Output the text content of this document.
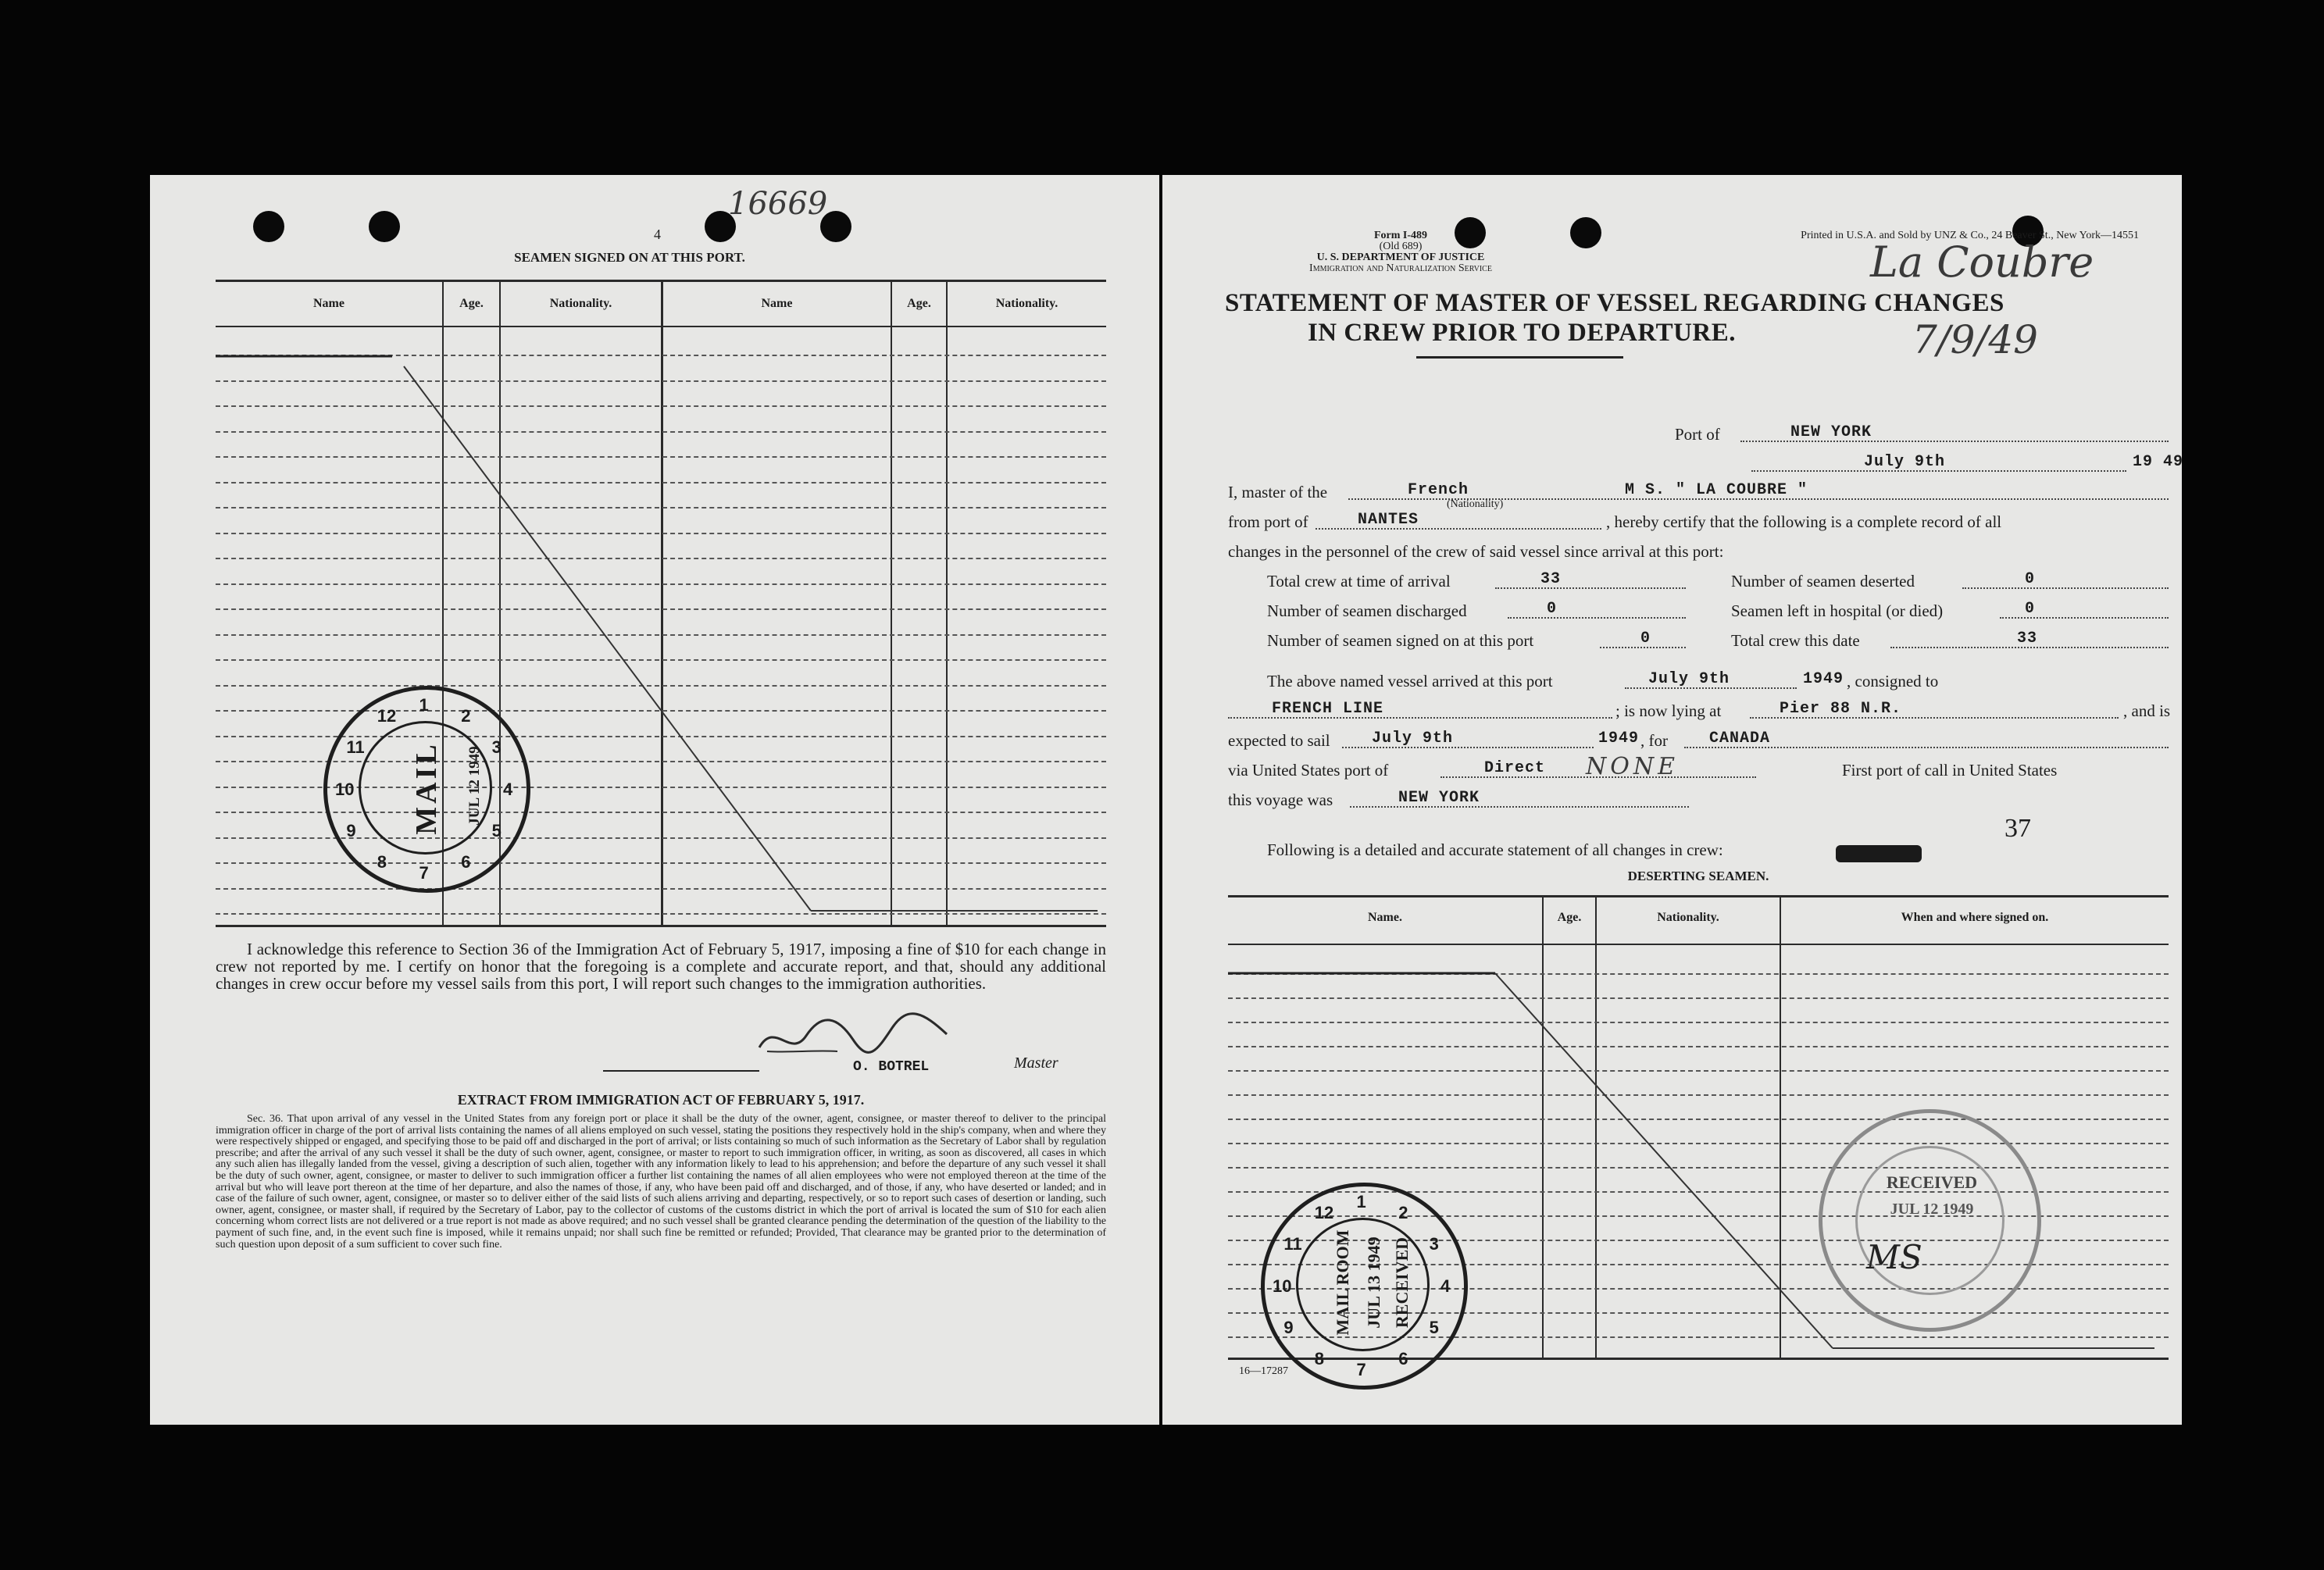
16669
4
SEAMEN SIGNED ON AT THIS PORT.
Name	Age.	Nationality.	Name	Age.	Nationality.
1
2
3
4
5
6
7
8
9
10
11
12
MAIL JUL 12 1949
I acknowledge this reference to Section 36 of the Immigration Act of February 5, 1917, imposing a fine of $10 for each change in crew not reported by me. I certify on honor that the foregoing is a complete and accurate report, and that, should any additional changes in crew occur before my vessel sails from this port, I will report such changes to the immigration authorities.
O. BOTREL	Master
EXTRACT FROM IMMIGRATION ACT OF FEBRUARY 5, 1917.
Sec. 36. That upon arrival of any vessel in the United States from any foreign port or place it shall be the duty of the owner, agent, consignee, or master thereof to deliver to the principal immigration officer in charge of the port of arrival lists containing the names of all aliens employed on such vessel, stating the positions they respectively hold in the ship's company, when and where they were respectively shipped or engaged, and specifying those to be paid off and discharged in the port of arrival; or lists containing so much of such information as the Secretary of Labor shall by regulation prescribe; and after the arrival of any such vessel it shall be the duty of such owner, agent, consignee, or master to report to such immigration officer, in writing, as soon as discovered, all cases in which any such alien has illegally landed from the vessel, giving a description of such alien, together with any information likely to lead to his apprehension; and before the departure of any such vessel it shall be the duty of such owner, agent, consignee, or master to deliver to such immigration officer a further list containing the names of all alien employees who were not employed thereon at the time of the arrival but who will leave port thereon at the time of her departure, and also the names of those, if any, who have been paid off and discharged, and of those, if any, who have deserted or landed; and in case of the failure of such owner, agent, consignee, or master so to deliver either of the said lists of such aliens arriving and departing, respectively, or so to report such cases of desertion or landing, such owner, agent, consignee, or master shall, if required by the Secretary of Labor, pay to the collector of customs of the customs district in which the port of arrival is located the sum of $10 for each alien concerning whom correct lists are not delivered or a true report is not made as above required; and no such vessel shall be granted clearance pending the determination of the question of the liability to the payment of such fine, and, in the event such fine is imposed, while it remains unpaid; nor shall such fine be remitted or refunded; Provided, That clearance may be granted prior to the determination of such question upon deposit of a sum sufficient to cover such fine.
Form I-489
(Old 689)
U. S. DEPARTMENT OF JUSTICE
Immigration and Naturalization Service
Printed in U.S.A. and Sold by UNZ & Co., 24 Beaver St., New York—14551
La Coubre
7/9/49
STATEMENT OF MASTER OF VESSEL REGARDING CHANGES
IN CREW PRIOR TO DEPARTURE.
Port of	NEW YORK
July 9th	19 49
I, master of the	French
(Nationality)
M S. " LA COUBRE "
from port of	NANTES	, hereby certify that the following is a complete record of all
changes in the personnel of the crew of said vessel since arrival at this port:
Total crew at time of arrival	33	Number of seamen deserted	0
Number of seamen discharged	0	Seamen left in hospital (or died)	0
Number of seamen signed on at this port	0	Total crew this date	33
The above named vessel arrived at this port	July 9th	1949 , consigned to
FRENCH LINE	; is now lying at	Pier 88 N.R.	, and is
expected to sail	July 9th	1949 , for	CANADA
via United States port of	Direct NONE	First port of call in United States
this voyage was	NEW YORK
37
Following is a detailed and accurate statement of all changes in crew:
DESERTING SEAMEN.
Name.	Age.	Nationality.	When and where signed on.
1
2
3
4
5
6
7
8
9
10
11
12
MAIL ROOM JUL 13 1949 RECEIVED
RECEIVED
JUL 12 1949
MS
16—17287
